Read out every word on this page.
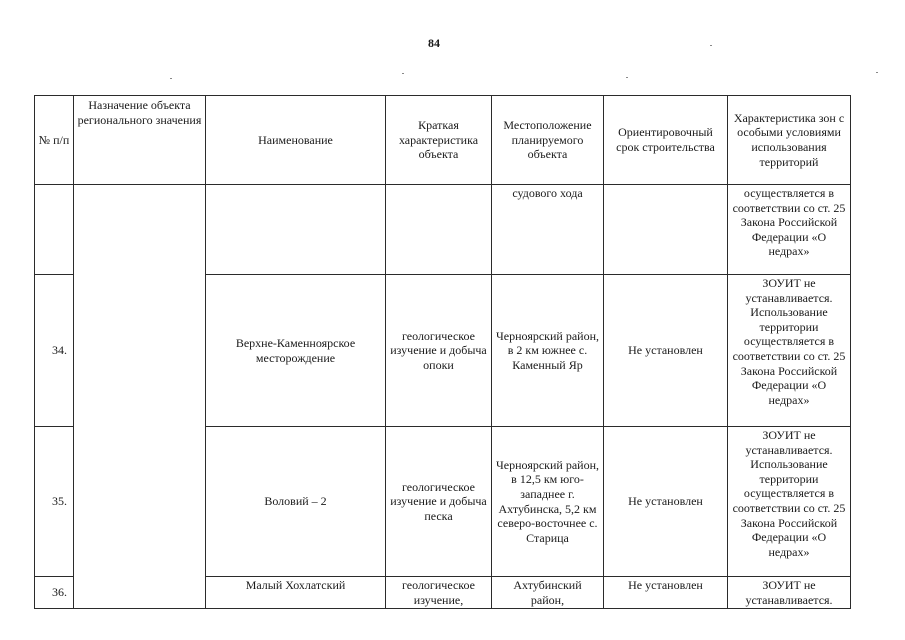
84
№ п/п	Назначение объекта регионального значения	Наименование	Краткая характеристика объекта	Местоположение планируемого объекта	Ориентировочный срок строительства	Характеристика зон с особыми условиями использования территорий
				судового хода		осуществляется в соответствии со ст. 25 Закона Российской Федерации «О недрах»
34.		Верхне-Каменноярское месторождение	геологическое изучение и добыча опоки	Черноярский район, в 2 км южнее с. Каменный Яр	Не установлен	ЗОУИТ не устанавливается. Использование территории осуществляется в соответствии со ст. 25 Закона Российской Федерации «О недрах»
35.		Воловий – 2	геологическое изучение и добыча песка	Черноярский район, в 12,5 км юго-западнее г. Ахтубинска, 5,2 км северо-восточнее с. Старица	Не установлен	ЗОУИТ не устанавливается. Использование территории осуществляется в соответствии со ст. 25 Закона Российской Федерации «О недрах»
36.		Малый Хохлатский	геологическое изучение,	Ахтубинский район,	Не установлен	ЗОУИТ не устанавливается.
